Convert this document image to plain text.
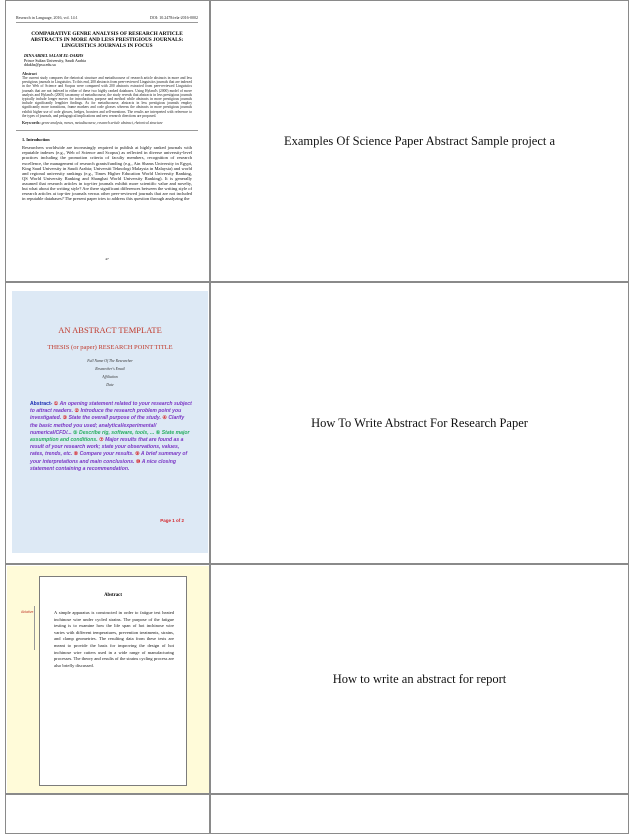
Research in Language, 2016, vol. 14:1	DOI: 10.2478/rela-2016-0002
COMPARATIVE GENRE ANALYSIS OF RESEARCH ARTICLE ABSTRACTS IN MORE AND LESS PRESTIGIOUS JOURNALS: LINGUISTICS JOURNALS IN FOCUS
DINA ABDEL SALAM EL-DAKHS
Prince Sultan University, Saudi Arabia
ddakhs@psu.edu.sa
Abstract
The current study compares the rhetorical structure and metadiscourse of research article abstracts in more and less prestigious journals in Linguistics. To this end, 200 abstracts from peer-reviewed Linguistics journals that are indexed in the Web of Science and Scopus were compared with 200 abstracts extracted from peer-reviewed Linguistics journals that are not indexed in either of these two highly ranked databases. Using Hyland's (2000) model of move analysis and Hyland's (2005) taxonomy of metadiscourse, the study reveals that abstracts in less prestigious journals typically include longer moves for introduction, purpose and method while abstracts in more prestigious journals include significantly lengthier findings. As for metadiscourse, abstracts in less prestigious journals employ significantly more transitions, frame markers and code glosses whereas the abstracts in more prestigious journals exhibit higher use of code glosses, hedges, boosters and self-mentions. The results are interpreted with reference to the types of journals, and pedagogical implications and new research directions are proposed.
Keywords: genre analysis, moves, metadiscourse, research article abstract, rhetorical structure
1. Introduction
Researchers worldwide are increasingly required to publish at highly ranked journals with reputable indexes (e.g., Web of Science and Scopus) as reflected in diverse university-level practices including the promotion criteria of faculty members, recognition of research excellence, the management of research grants/funding (e.g., Ain Shams University in Egypt, King Saud University in Saudi Arabia; Universiti Teknologi Malaysia in Malaysia) and world and regional university rankings (e.g., Times Higher Education World University Ranking, QS World University Ranking and Shanghai World University Ranking). It is generally assumed that research articles in top-tier journals exhibit more scientific value and novelty, but what about the writing style? Are there significant differences between the writing style of research articles at top-tier journals versus other peer-reviewed journals that are not included in reputable databases? The present paper tries to address this question through analyzing the
47
Examples Of Science Paper Abstract Sample project a
AN ABSTRACT TEMPLATE
THESIS (or paper) RESEARCH POINT TITLE
Full Name Of The Researcher
Researcher's Email
Affiliation
Date
Abstract- ① An opening statement related to your research subject to attract readers. ② Introduce the research problem point you investigated. ③ State the overall purpose of the study. ④ Clarify the basic method you used; analytical/experimental/ numerical/CFD/... ⑤ Describe rig, software, tools, ... ⑥ State major assumption and conditions. ⑦ Major results that are found as a result of your research work; state your observations, values, rates, trends, etc. ⑧ Compare your results. ⑨ A brief summary of your interpretations and main conclusions. ⑩ A nice closing statement containing a recommendation.
Page 1 of 2
How To Write Abstract For Research Paper
Ablative
Abstract
A simple apparatus is constructed in order to fatigue test heated inchinose wire under cycled strains. The purpose of the fatigue testing is to examine how the life span of hot inchinose wire varies with different temperatures, prevention treatments, strains, and clamp geometries. The resulting data from these tests are meant to provide the basis for improving the design of hot inchinose wire cutters used in a wide range of manufacturing processes. The theory and results of the strains cycling process are also briefly discussed.
How to write an abstract for report
